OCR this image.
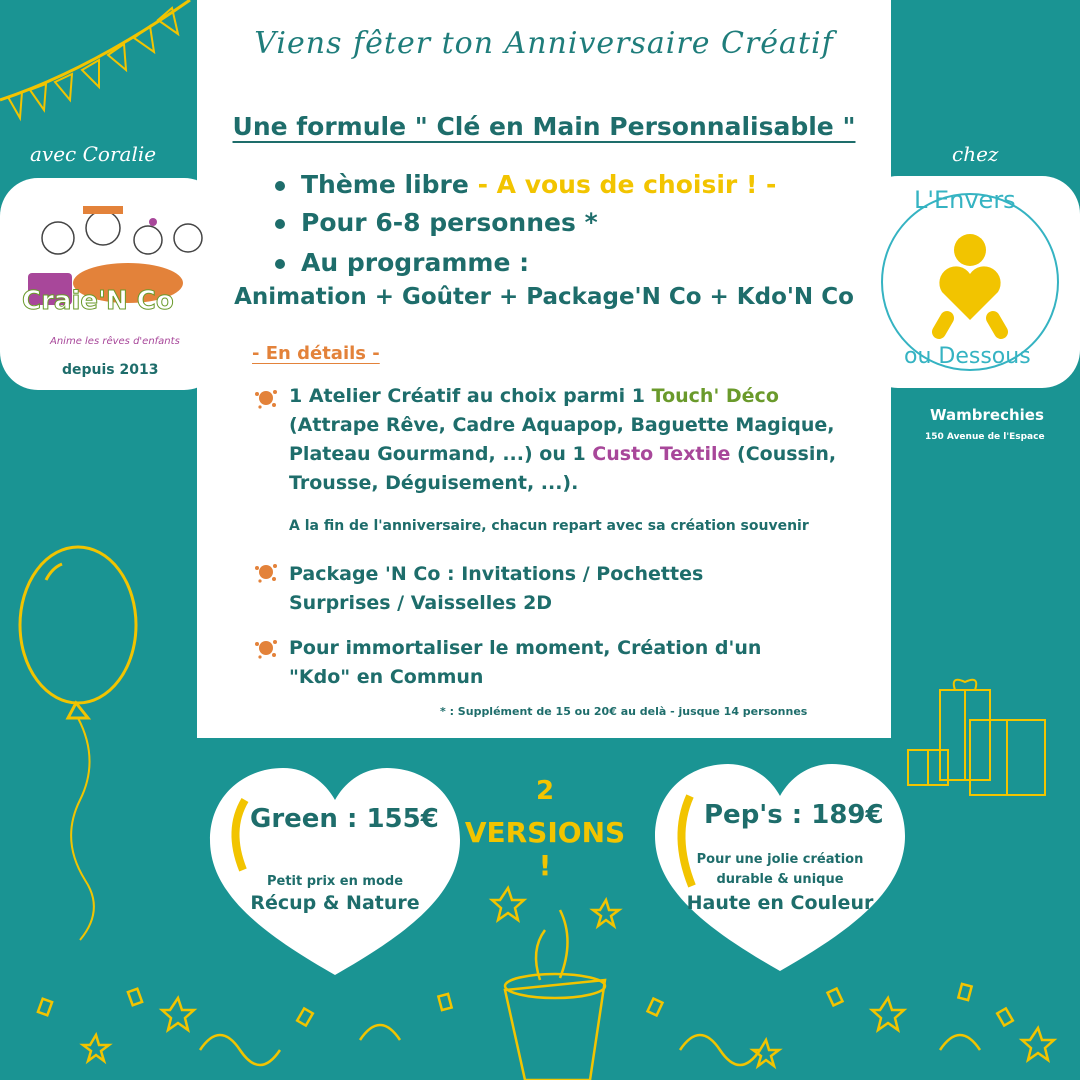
Viens fêter ton Anniversaire Créatif
Une formule " Clé en Main Personnalisable "
Thème libre - A vous de choisir ! -
Pour 6-8 personnes *
Au programme :
Animation + Goûter + Package'N Co + Kdo'N Co
- En détails -
1 Atelier Créatif au choix parmi 1 Touch' Déco (Attrape Rêve, Cadre Aquapop, Baguette Magique, Plateau Gourmand, ...) ou 1 Custo Textile (Coussin, Trousse, Déguisement, ...).
A la fin de l'anniversaire, chacun repart avec sa création souvenir
Package 'N Co : Invitations / Pochettes Surprises / Vaisselles 2D
Pour immortaliser le moment, Création d'un "Kdo" en Commun
* : Supplément de 15 ou 20€ au delà - jusque 14 personnes
avec Coralie
Craie'N Co
Anime les rêves d'enfants
depuis 2013
chez
L'Envers
ou Dessous
Wambrechies
150 Avenue de l'Espace
Green : 155€
Petit prix en mode
Récup & Nature
Pep's : 189€
Pour une jolie création
durable & unique
Haute en Couleur
2
VERSIONS !
